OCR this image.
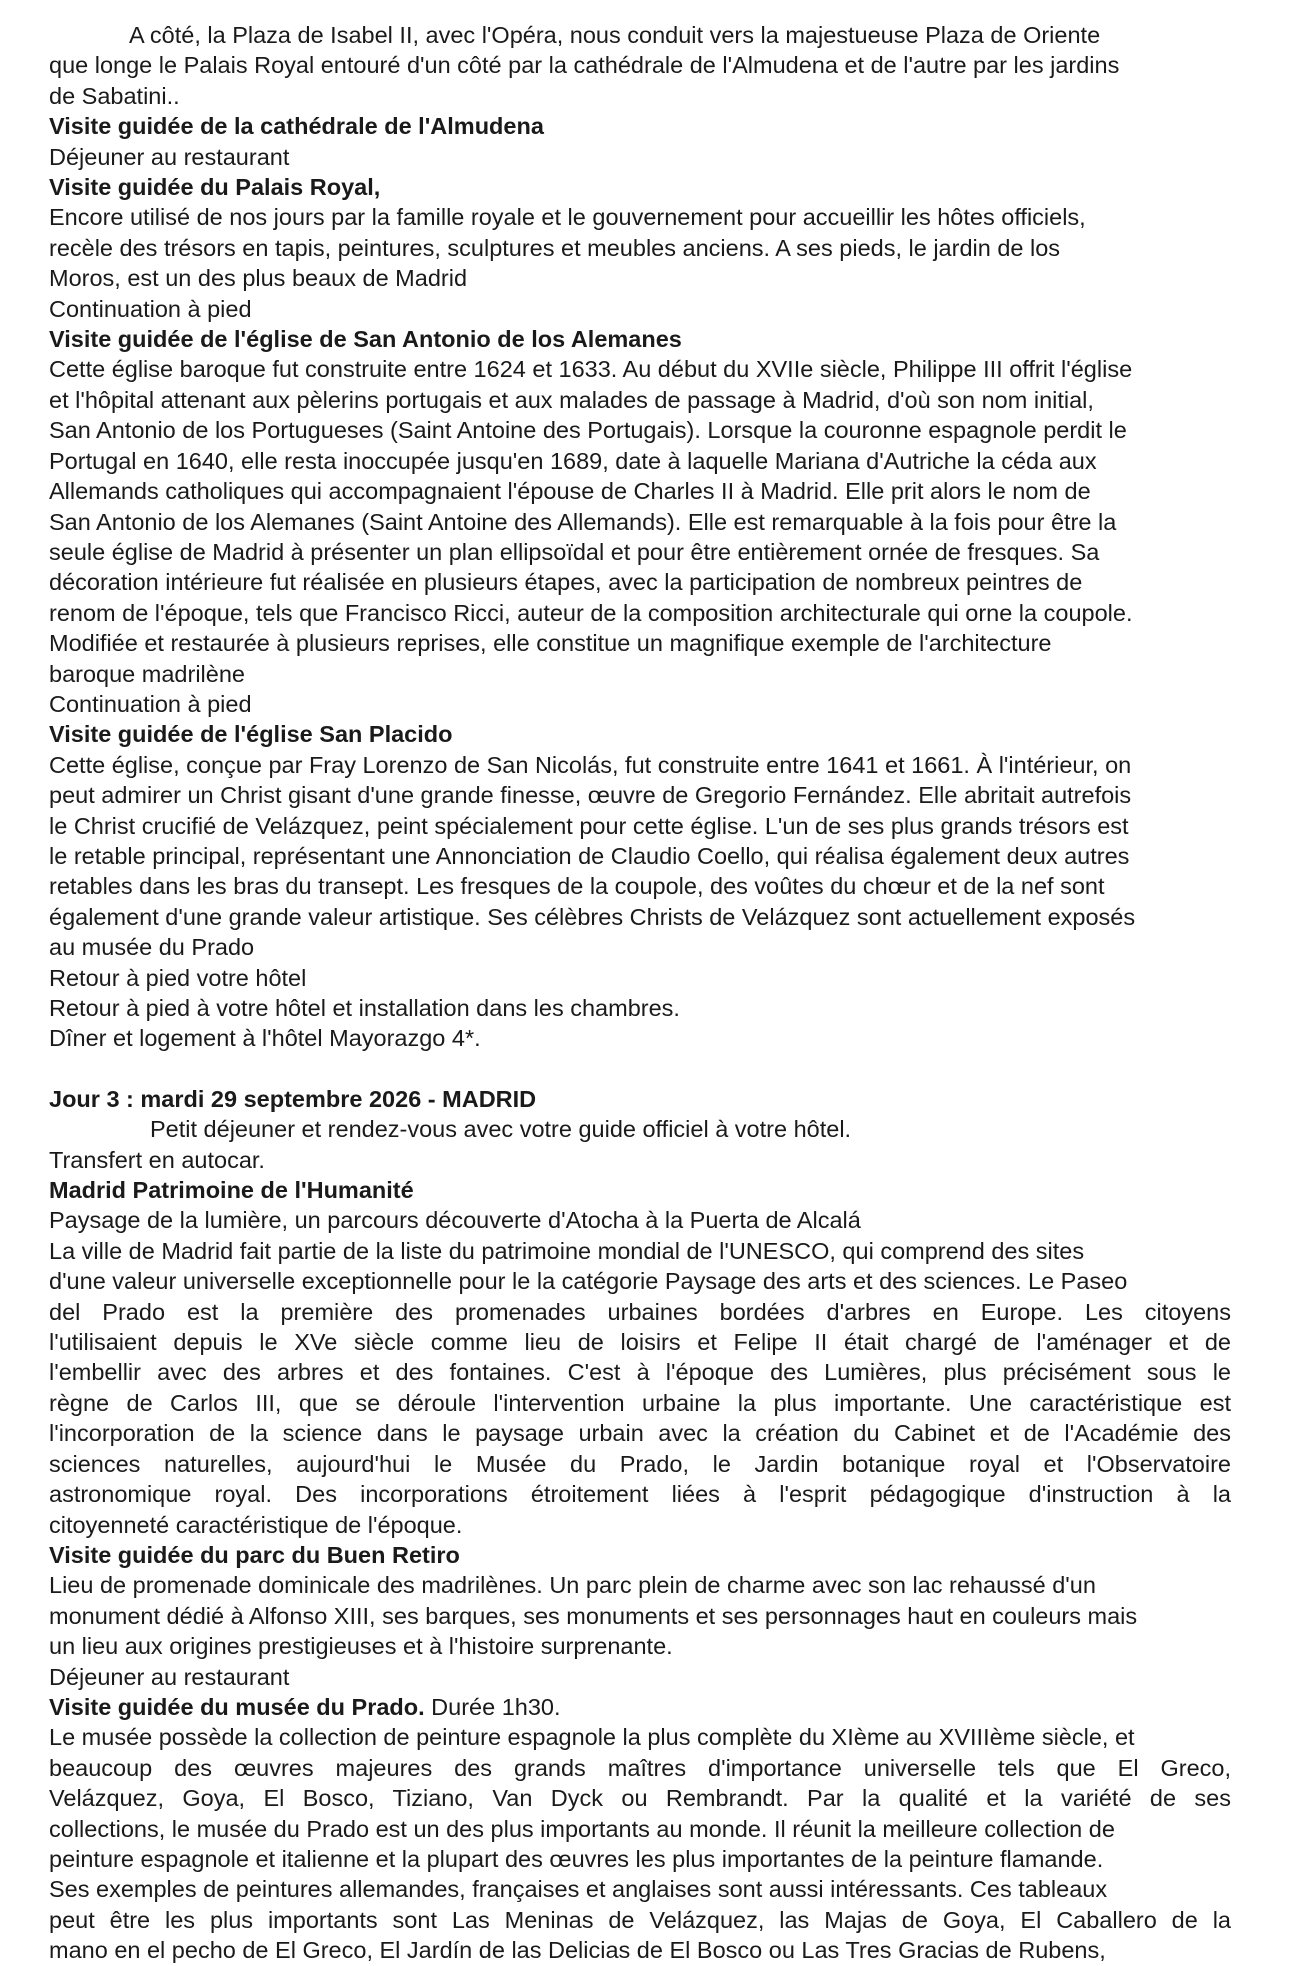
A côté, la Plaza de Isabel II, avec l'Opéra, nous conduit vers la majestueuse Plaza de Oriente

que longe le Palais Royal entouré d'un côté par la cathédrale de l'Almudena et de l'autre par les jardins

de Sabatini..

Visite guidée de la cathédrale de l'Almudena

Déjeuner au restaurant

Visite guidée du Palais Royal,

Encore utilisé de nos jours par la famille royale et le gouvernement pour accueillir les hôtes officiels,

recèle des trésors en tapis, peintures, sculptures et meubles anciens. A ses pieds, le jardin de los

Moros, est un des plus beaux de Madrid

Continuation à pied

Visite guidée de l'église de San Antonio de los Alemanes

Cette église baroque fut construite entre 1624 et 1633. Au début du XVIIe siècle, Philippe III offrit l'église

et l'hôpital attenant aux pèlerins portugais et aux malades de passage à Madrid, d'où son nom initial,

San Antonio de los Portugueses (Saint Antoine des Portugais). Lorsque la couronne espagnole perdit le

Portugal en 1640, elle resta inoccupée jusqu'en 1689, date à laquelle Mariana d'Autriche la céda aux

Allemands catholiques qui accompagnaient l'épouse de Charles II à Madrid. Elle prit alors le nom de

San Antonio de los Alemanes (Saint Antoine des Allemands). Elle est remarquable à la fois pour être la

seule église de Madrid à présenter un plan ellipsoïdal et pour être entièrement ornée de fresques. Sa

décoration intérieure fut réalisée en plusieurs étapes, avec la participation de nombreux peintres de

renom de l'époque, tels que Francisco Ricci, auteur de la composition architecturale qui orne la coupole.

Modifiée et restaurée à plusieurs reprises, elle constitue un magnifique exemple de l'architecture

baroque madrilène

Continuation à pied

Visite guidée de l'église San Placido

Cette église, conçue par Fray Lorenzo de San Nicolás, fut construite entre 1641 et 1661. À l'intérieur, on

peut admirer un Christ gisant d'une grande finesse, œuvre de Gregorio Fernández. Elle abritait autrefois

le Christ crucifié de Velázquez, peint spécialement pour cette église. L'un de ses plus grands trésors est

le retable principal, représentant une Annonciation de Claudio Coello, qui réalisa également deux autres

retables dans les bras du transept. Les fresques de la coupole, des voûtes du chœur et de la nef sont

également d'une grande valeur artistique. Ses célèbres Christs de Velázquez sont actuellement exposés

au musée du Prado

Retour à pied votre hôtel

Retour à pied à votre hôtel et installation dans les chambres.

Dîner et logement à l'hôtel Mayorazgo 4*.

Jour 3 : mardi 29 septembre 2026 - MADRID

Petit déjeuner et rendez-vous avec votre guide officiel à votre hôtel.

Transfert en autocar.

Madrid Patrimoine de l'Humanité

Paysage de la lumière, un parcours découverte d'Atocha à la Puerta de Alcalá

La ville de Madrid fait partie de la liste du patrimoine mondial de l'UNESCO, qui comprend des sites

d'une valeur universelle exceptionnelle pour le la catégorie Paysage des arts et des sciences. Le Paseo

del Prado est la première des promenades urbaines bordées d'arbres en Europe. Les citoyens

l'utilisaient depuis le XVe siècle comme lieu de loisirs et Felipe II était chargé de l'aménager et de

l'embellir avec des arbres et des fontaines. C'est à l'époque des Lumières, plus précisément sous le

règne de Carlos III, que se déroule l'intervention urbaine la plus importante. Une caractéristique est

l'incorporation de la science dans le paysage urbain avec la création du Cabinet et de l'Académie des

sciences naturelles, aujourd'hui le Musée du Prado, le Jardin botanique royal et l'Observatoire

astronomique royal. Des incorporations étroitement liées à l'esprit pédagogique d'instruction à la

citoyenneté caractéristique de l'époque.

Visite guidée du parc du Buen Retiro

Lieu de promenade dominicale des madrilènes. Un parc plein de charme avec son lac rehaussé d'un

monument dédié à Alfonso XIII, ses barques, ses monuments et ses personnages haut en couleurs mais

un lieu aux origines prestigieuses et à l'histoire surprenante.

Déjeuner au restaurant

Visite guidée du musée du Prado. Durée 1h30.

Le musée possède la collection de peinture espagnole la plus complète du XIème au XVIIIème siècle, et

beaucoup des œuvres majeures des grands maîtres d'importance universelle tels que El Greco,

Velázquez, Goya, El Bosco, Tiziano, Van Dyck ou Rembrandt. Par la qualité et la variété de ses

collections, le musée du Prado est un des plus importants au monde. Il réunit la meilleure collection de

peinture espagnole et italienne et la plupart des œuvres les plus importantes de la peinture flamande.

Ses exemples de peintures allemandes, françaises et anglaises sont aussi intéressants. Ces tableaux

peut être les plus importants sont Las Meninas de Velázquez, las Majas de Goya, El Caballero de la

mano en el pecho de El Greco, El Jardín de las Delicias de El Bosco ou Las Tres Gracias de Rubens,
